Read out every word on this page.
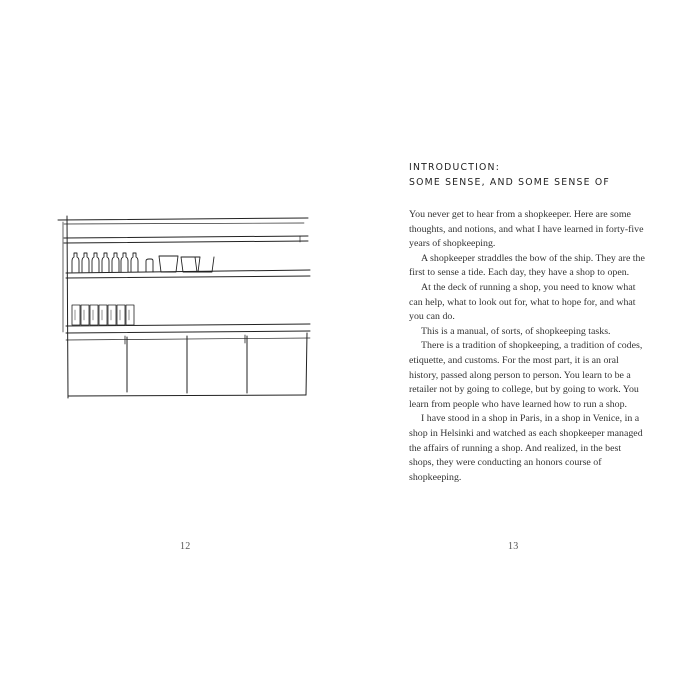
12
INTRODUCTION:
SOME SENSE, AND SOME SENSE OF

You never get to hear from a shopkeeper. Here are some thoughts, and notions, and what I have learned in forty-five years of shopkeeping.

A shopkeeper straddles the bow of the ship. They are the first to sense a tide. Each day, they have a shop to open.

At the deck of running a shop, you need to know what can help, what to look out for, what to hope for, and what you can do.

This is a manual, of sorts, of shopkeeping tasks.

There is a tradition of shopkeeping, a tradition of codes, etiquette, and customs. For the most part, it is an oral history, passed along person to person. You learn to be a retailer not by going to college, but by going to work. You learn from people who have learned how to run a shop.

I have stood in a shop in Paris, in a shop in Venice, in a shop in Helsinki and watched as each shopkeeper managed the affairs of running a shop. And realized, in the best shops, they were conducting an honors course of shopkeeping.

13
